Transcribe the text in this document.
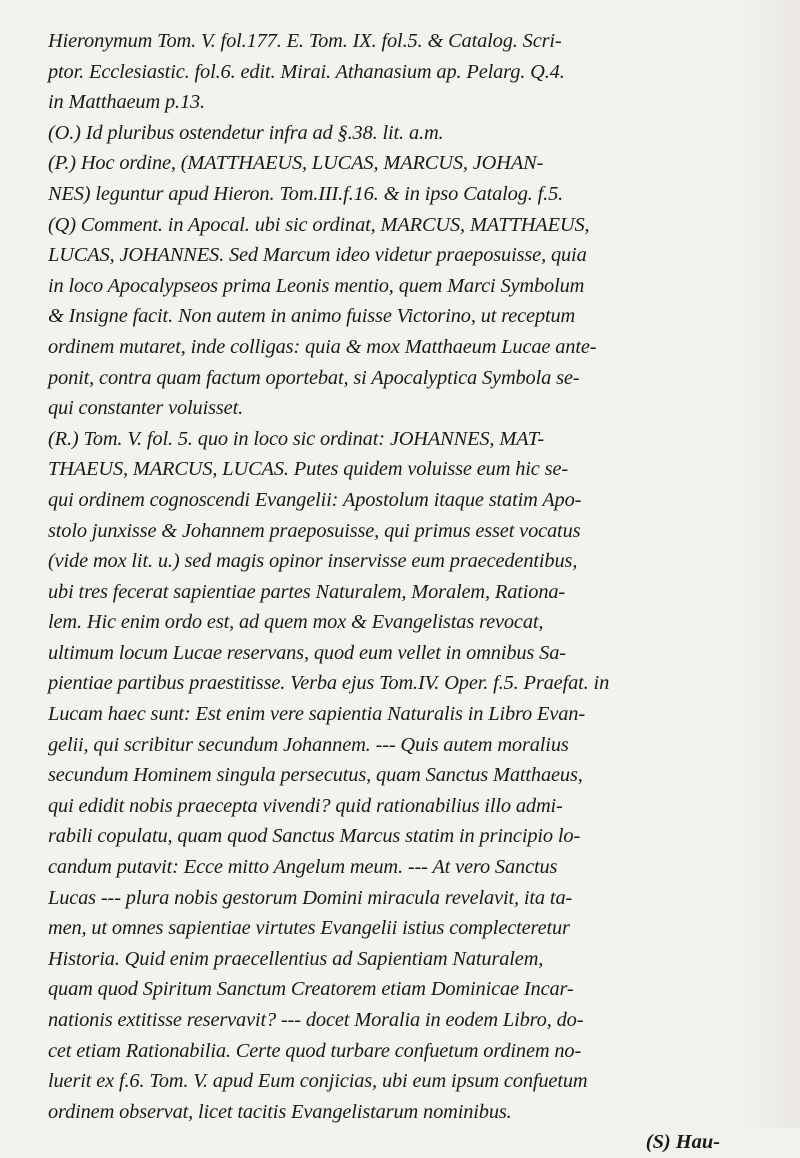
Hieronymum Tom. V. fol.177. E. Tom. IX. fol.5. & Catalog. Scri-
ptor. Ecclesiastic. fol.6. edit. Mirai. Athanasium ap. Pelarg. Q.4.
in Matthaeum p.13.
(O.) Id pluribus ostendetur infra ad §.38. lit. a.m.
(P.) Hoc ordine, (MATTHAEUS, LUCAS, MARCUS, JOHAN-
NES) leguntur apud Hieron. Tom.III.f.16. & in ipso Catalog. f.5.
(Q) Comment. in Apocal. ubi sic ordinat, MARCUS, MATTHAEUS,
LUCAS, JOHANNES. Sed Marcum ideo videtur praeposuisse, quia
in loco Apocalypseos prima Leonis mentio, quem Marci Symbolum
& Insigne facit. Non autem in animo fuisse Victorino, ut receptum
ordinem mutaret, inde colligas: quia & mox Matthaeum Lucae ante-
ponit, contra quam factum oportebat, si Apocalyptica Symbola se-
qui constanter voluisset.
(R.) Tom. V. fol. 5. quo in loco sic ordinat: JOHANNES, MAT-
THAEUS, MARCUS, LUCAS. Putes quidem voluisse eum hic se-
qui ordinem cognoscendi Evangelii: Apostolum itaque statim Apo-
stolo junxisse & Johannem praeposuisse, qui primus esset vocatus
(vide mox lit. u.) sed magis opinor inservisse eum praecedentibus,
ubi tres fecerat sapientiae partes Naturalem, Moralem, Rationa-
lem. Hic enim ordo est, ad quem mox & Evangelistas revocat,
ultimum locum Lucae reservans, quod eum vellet in omnibus Sa-
pientiae partibus praestitisse. Verba ejus Tom.IV. Oper. f.5. Praefat. in
Lucam haec sunt: Est enim vere sapientia Naturalis in Libro Evan-
gelii, qui scribitur secundum Johannem. --- Quis autem moralius
secundum Hominem singula persecutus, quam Sanctus Matthaeus,
qui edidit nobis praecepta vivendi? quid rationabilius illo admi-
rabili copulatu, quam quod Sanctus Marcus statim in principio lo-
candum putavit: Ecce mitto Angelum meum. --- At vero Sanctus
Lucas --- plura nobis gestorum Domini miracula revelavit, ita ta-
men, ut omnes sapientiae virtutes Evangelii istius complecteretur
Historia. Quid enim praecellentius ad Sapientiam Naturalem,
quam quod Spiritum Sanctum Creatorem etiam Dominicae Incar-
nationis extitisse reservavit? --- docet Moralia in eodem Libro, do-
cet etiam Rationabilia. Certe quod turbare confuetum ordinem no-
luerit ex f.6. Tom. V. apud Eum conjicias, ubi eum ipsum confuetum
ordinem observat, licet tacitis Evangelistarum nominibus.
(S) Hau-
